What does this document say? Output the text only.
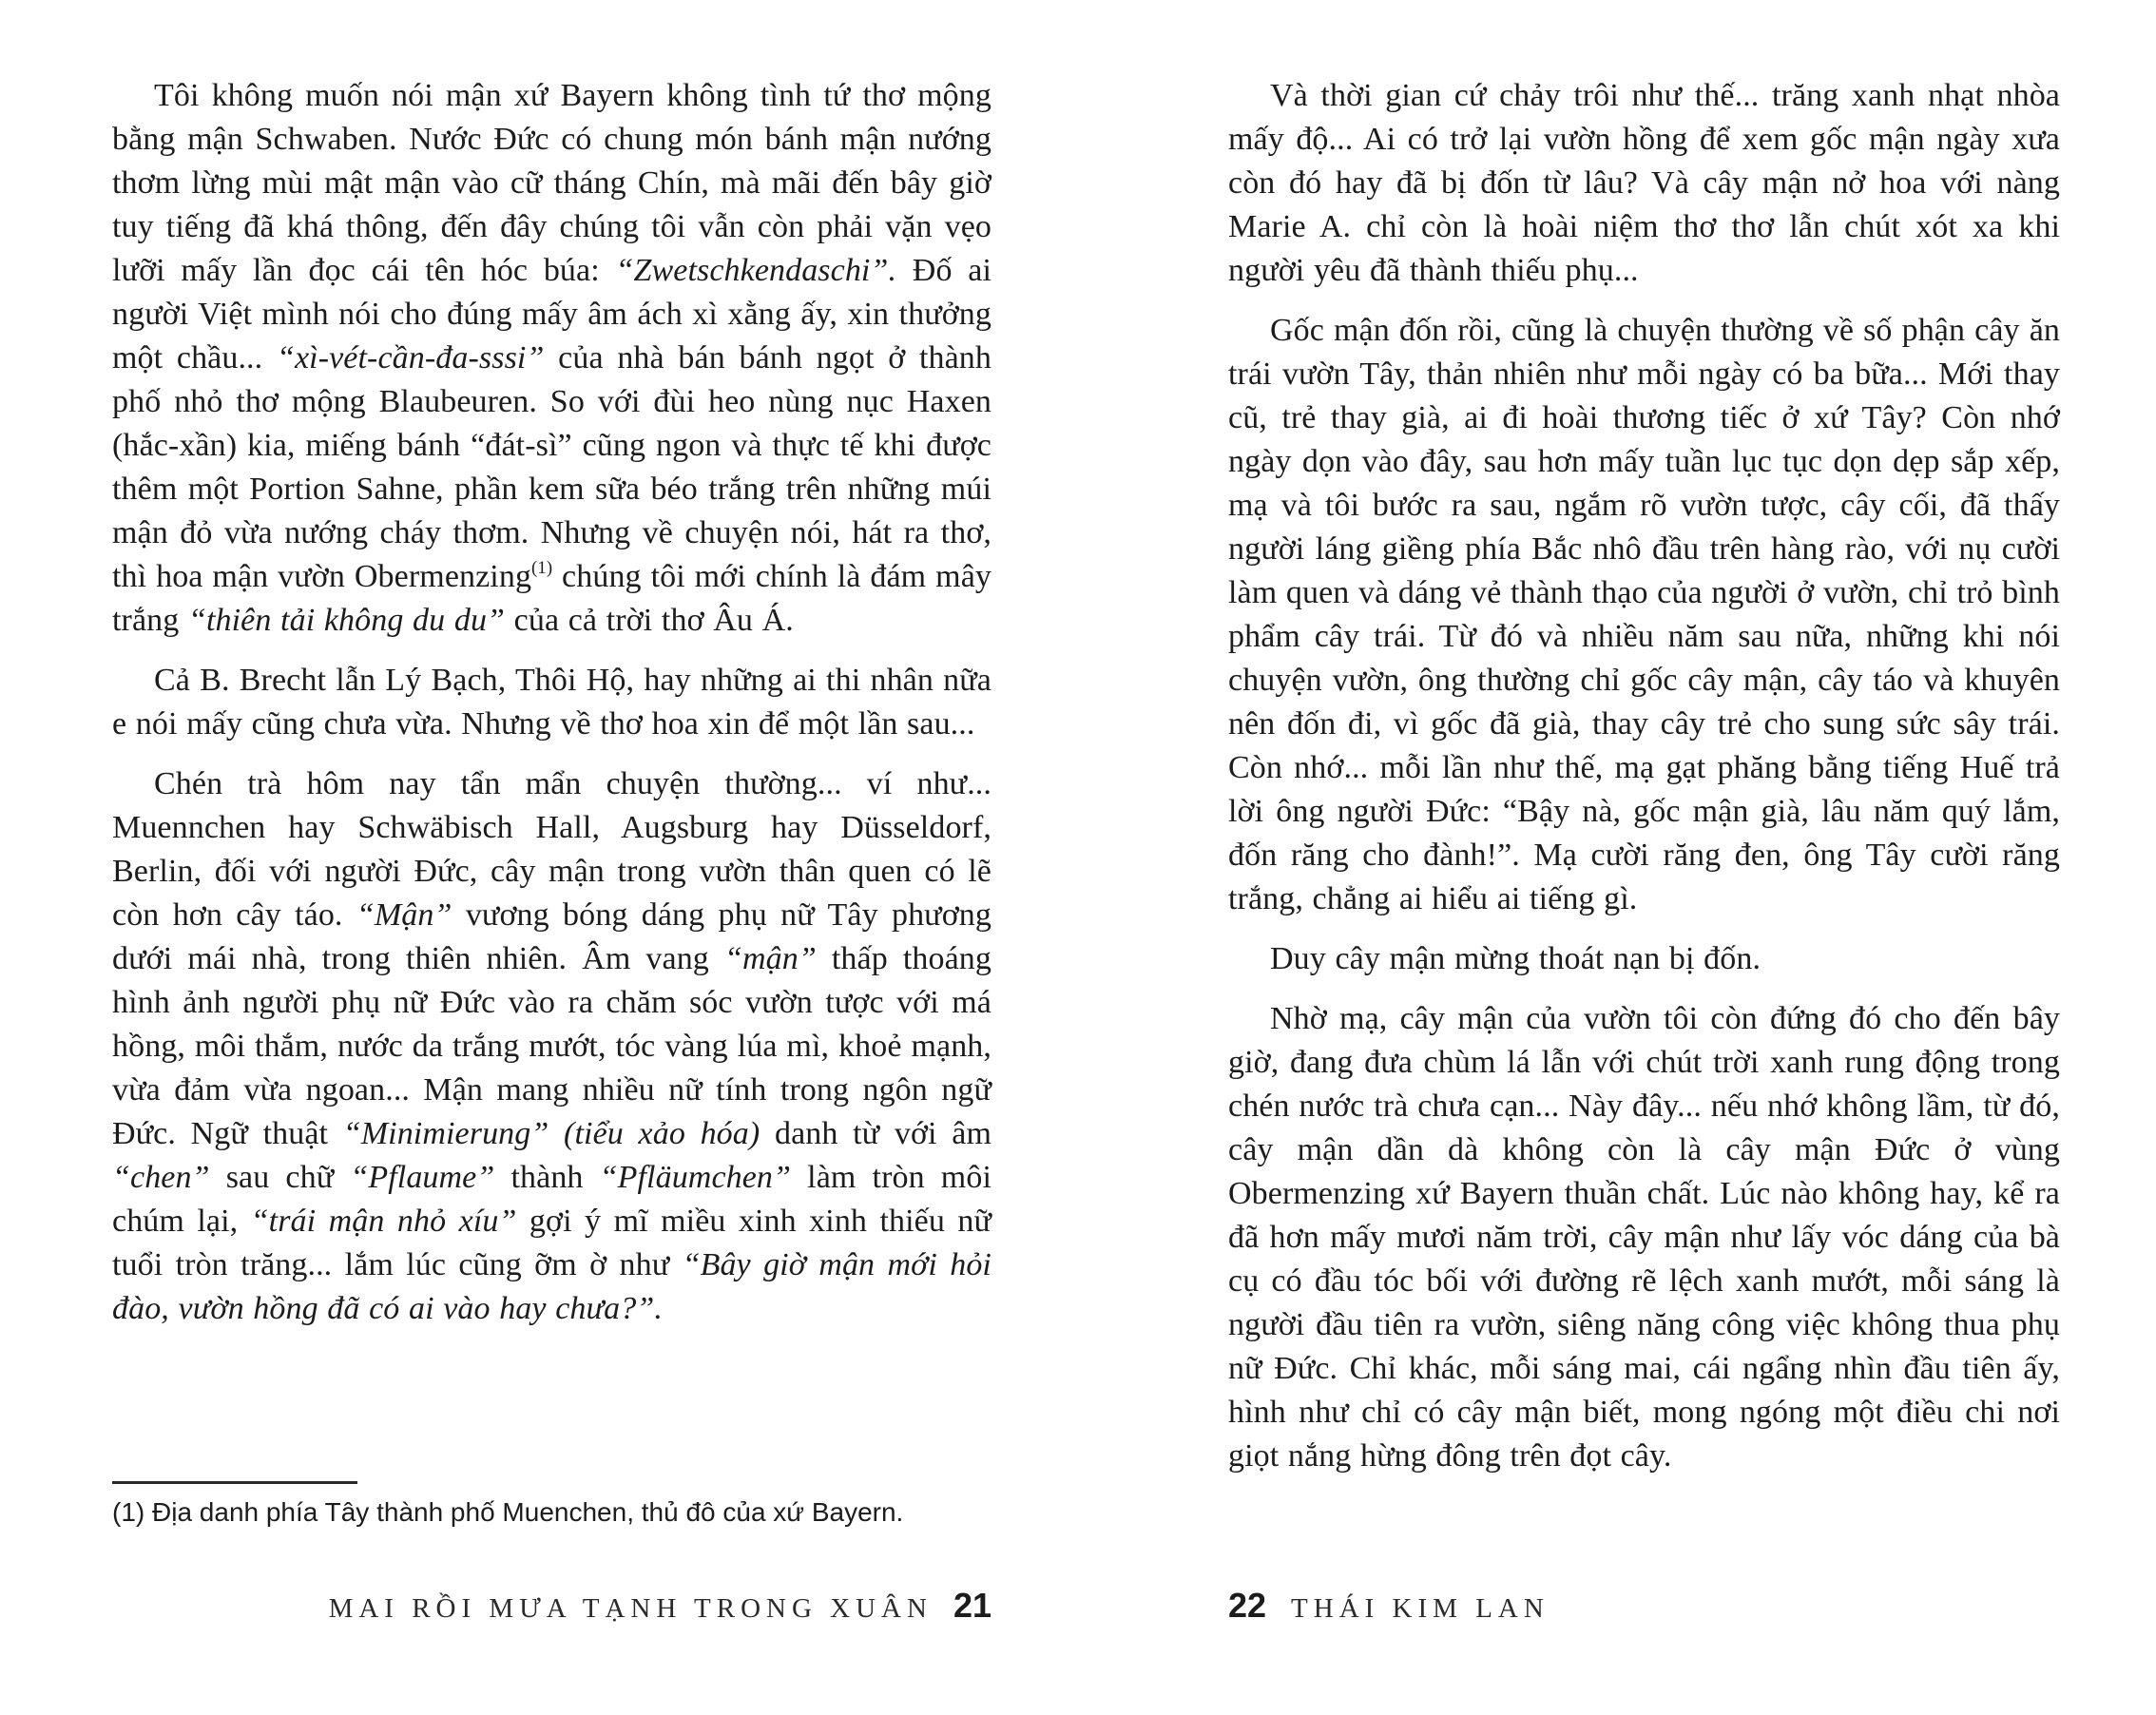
Tôi không muốn nói mận xứ Bayern không tình tứ thơ mộng bằng mận Schwaben. Nước Đức có chung món bánh mận nướng thơm lừng mùi mật mận vào cữ tháng Chín, mà mãi đến bây giờ tuy tiếng đã khá thông, đến đây chúng tôi vẫn còn phải vặn vẹo lưỡi mấy lần đọc cái tên hóc búa: “Zwetschkendaschi”. Đố ai người Việt mình nói cho đúng mấy âm ách xì xằng ấy, xin thưởng một chầu... “xì-vét-cần-đa-sssi” của nhà bán bánh ngọt ở thành phố nhỏ thơ mộng Blaubeuren. So với đùi heo nùng nục Haxen (hắc-xần) kia, miếng bánh “đát-sì” cũng ngon và thực tế khi được thêm một Portion Sahne, phần kem sữa béo trắng trên những múi mận đỏ vừa nướng cháy thơm. Nhưng về chuyện nói, hát ra thơ, thì hoa mận vườn Obermenzing$^{(1)}$ chúng tôi mới chính là đám mây trắng “thiên tải không du du” của cả trời thơ Âu Á.

Cả B. Brecht lẫn Lý Bạch, Thôi Hộ, hay những ai thi nhân nữa e nói mấy cũng chưa vừa. Nhưng về thơ hoa xin để một lần sau...

Chén trà hôm nay tẩn mẩn chuyện thường... ví như... Muennchen hay Schwäbisch Hall, Augsburg hay Düsseldorf, Berlin, đối với người Đức, cây mận trong vườn thân quen có lẽ còn hơn cây táo. “Mận” vương bóng dáng phụ nữ Tây phương dưới mái nhà, trong thiên nhiên. Âm vang “mận” thấp thoáng hình ảnh người phụ nữ Đức vào ra chăm sóc vườn tược với má hồng, môi thắm, nước da trắng mướt, tóc vàng lúa mì, khoẻ mạnh, vừa đảm vừa ngoan... Mận mang nhiều nữ tính trong ngôn ngữ Đức. Ngữ thuật “Minimierung” (tiểu xảo hóa) danh từ với âm “chen” sau chữ “Pflaume” thành “Pfläumchen” làm tròn môi chúm lại, “trái mận nhỏ xíu” gợi ý mĩ miều xinh xinh thiếu nữ tuổi tròn trăng... lắm lúc cũng ỡm ờ như “Bây giờ mận mới hỏi đào, vườn hồng đã có ai vào hay chưa?”.

(1) Địa danh phía Tây thành phố Muenchen, thủ đô của xứ Bayern.
MAI RỒI MƯA TẠNH TRONG XUÂN 21

Và thời gian cứ chảy trôi như thế... trăng xanh nhạt nhòa mấy độ... Ai có trở lại vườn hồng để xem gốc mận ngày xưa còn đó hay đã bị đốn từ lâu? Và cây mận nở hoa với nàng Marie A. chỉ còn là hoài niệm thơ thơ lẫn chút xót xa khi người yêu đã thành thiếu phụ...

Gốc mận đốn rồi, cũng là chuyện thường về số phận cây ăn trái vườn Tây, thản nhiên như mỗi ngày có ba bữa... Mới thay cũ, trẻ thay già, ai đi hoài thương tiếc ở xứ Tây? Còn nhớ ngày dọn vào đây, sau hơn mấy tuần lục tục dọn dẹp sắp xếp, mạ và tôi bước ra sau, ngắm rõ vườn tược, cây cối, đã thấy người láng giềng phía Bắc nhô đầu trên hàng rào, với nụ cười làm quen và dáng vẻ thành thạo của người ở vườn, chỉ trỏ bình phẩm cây trái. Từ đó và nhiều năm sau nữa, những khi nói chuyện vườn, ông thường chỉ gốc cây mận, cây táo và khuyên nên đốn đi, vì gốc đã già, thay cây trẻ cho sung sức sây trái. Còn nhớ... mỗi lần như thế, mạ gạt phăng bằng tiếng Huế trả lời ông người Đức: “Bậy nà, gốc mận già, lâu năm quý lắm, đốn răng cho đành!”. Mạ cười răng đen, ông Tây cười răng trắng, chẳng ai hiểu ai tiếng gì.

Duy cây mận mừng thoát nạn bị đốn.

Nhờ mạ, cây mận của vườn tôi còn đứng đó cho đến bây giờ, đang đưa chùm lá lẫn với chút trời xanh rung động trong chén nước trà chưa cạn... Này đây... nếu nhớ không lầm, từ đó, cây mận dần dà không còn là cây mận Đức ở vùng Obermenzing xứ Bayern thuần chất. Lúc nào không hay, kể ra đã hơn mấy mươi năm trời, cây mận như lấy vóc dáng của bà cụ có đầu tóc bối với đường rẽ lệch xanh mướt, mỗi sáng là người đầu tiên ra vườn, siêng năng công việc không thua phụ nữ Đức. Chỉ khác, mỗi sáng mai, cái ngẩng nhìn đầu tiên ấy, hình như chỉ có cây mận biết, mong ngóng một điều chi nơi giọt nắng hừng đông trên đọt cây.

22 THÁI KIM LAN
